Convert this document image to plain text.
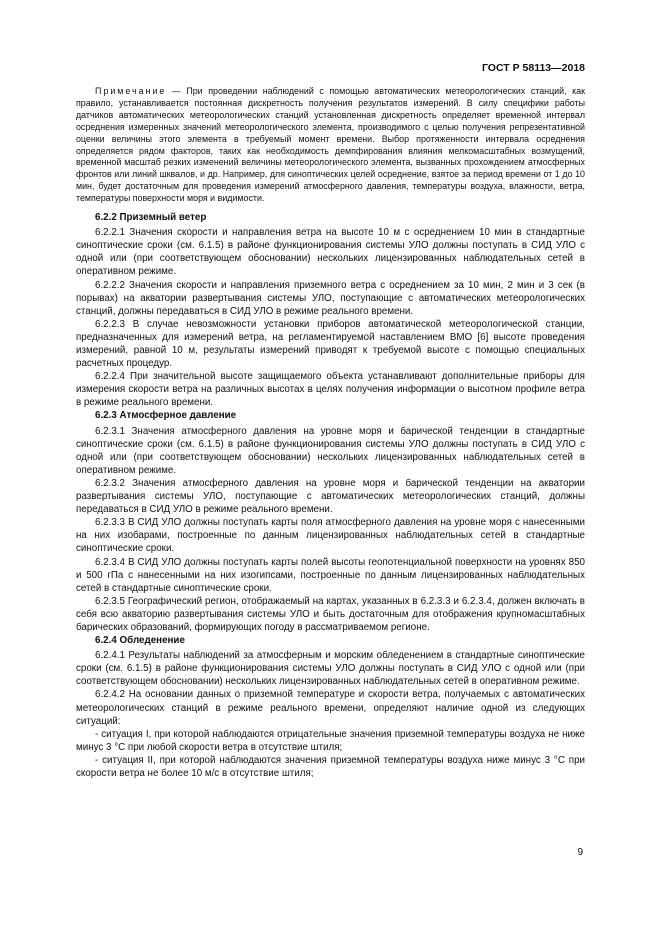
ГОСТ Р 58113—2018

Примечание — При проведении наблюдений с помощью автоматических метеорологических станций, как правило, устанавливается постоянная дискретность получения результатов измерений. В силу специфики работы датчиков автоматических метеорологических станций установленная дискретность определяет временной интервал осреднения измеренных значений метеорологического элемента, производимого с целью получения репрезентативной оценки величины этого элемента в требуемый момент времени. Выбор протяженности интервала осреднения определяется рядом факторов, таких как необходимость демпфирования влияния мелкомасштабных возмущений, временной масштаб резких изменений величины метеорологического элемента, вызванных прохождением атмосферных фронтов или линий шквалов, и др. Например, для синоптических целей осреднение, взятое за период времени от 1 до 10 мин, будет достаточным для проведения измерений атмосферного давления, температуры воздуха, влажности, ветра, температуры поверхности моря и видимости.

6.2.2 Приземный ветер

6.2.2.1 Значения скорости и направления ветра на высоте 10 м с осреднением 10 мин в стандартные синоптические сроки (см. 6.1.5) в районе функционирования системы УЛО должны поступать в СИД УЛО с одной или (при соответствующем обосновании) нескольких лицензированных наблюдательных сетей в оперативном режиме.

6.2.2.2 Значения скорости и направления приземного ветра с осреднением за 10 мин, 2 мин и 3 сек (в порывах) на акватории развертывания системы УЛО, поступающие с автоматических метеорологических станций, должны передаваться в СИД УЛО в режиме реального времени.

6.2.2.3 В случае невозможности установки приборов автоматической метеорологической станции, предназначенных для измерений ветра, на регламентируемой наставлением ВМО [6] высоте проведения измерений, равной 10 м, результаты измерений приводят к требуемой высоте с помощью специальных расчетных процедур.

6.2.2.4 При значительной высоте защищаемого объекта устанавливают дополнительные приборы для измерения скорости ветра на различных высотах в целях получения информации о высотном профиле ветра в режиме реального времени.

6.2.3 Атмосферное давление

6.2.3.1 Значения атмосферного давления на уровне моря и барической тенденции в стандартные синоптические сроки (см. 6.1.5) в районе функционирования системы УЛО должны поступать в СИД УЛО с одной или (при соответствующем обосновании) нескольких лицензированных наблюдательных сетей в оперативном режиме.

6.2.3.2 Значения атмосферного давления на уровне моря и барической тенденции на акватории развертывания системы УЛО, поступающие с автоматических метеорологических станций, должны передаваться в СИД УЛО в режиме реального времени.

6.2.3.3 В СИД УЛО должны поступать карты поля атмосферного давления на уровне моря с нанесенными на них изобарами, построенные по данным лицензированных наблюдательных сетей в стандартные синоптические сроки.

6.2.3.4 В СИД УЛО должны поступать карты полей высоты геопотенциальной поверхности на уровнях 850 и 500 гПа с нанесенными на них изогипсами, построенные по данным лицензированных наблюдательных сетей в стандартные синоптические сроки.

6.2.3.5 Географический регион, отображаемый на картах, указанных в 6.2.3.3 и 6.2.3.4, должен включать в себя всю акваторию развертывания системы УЛО и быть достаточным для отображения крупномасштабных барических образований, формирующих погоду в рассматриваемом регионе.

6.2.4 Обледенение

6.2.4.1 Результаты наблюдений за атмосферным и морским обледенением в стандартные синоптические сроки (см. 6.1.5) в районе функционирования системы УЛО должны поступать в СИД УЛО с одной или (при соответствующем обосновании) нескольких лицензированных наблюдательных сетей в оперативном режиме.

6.2.4.2 На основании данных о приземной температуре и скорости ветра, получаемых с автоматических метеорологических станций в режиме реального времени, определяют наличие одной из следующих ситуаций:

- ситуация I, при которой наблюдаются отрицательные значения приземной температуры воздуха не ниже минус 3 °С при любой скорости ветра в отсутствие штиля;

- ситуация II, при которой наблюдаются значения приземной температуры воздуха ниже минус 3 °С при скорости ветра не более 10 м/с в отсутствие штиля;

9
